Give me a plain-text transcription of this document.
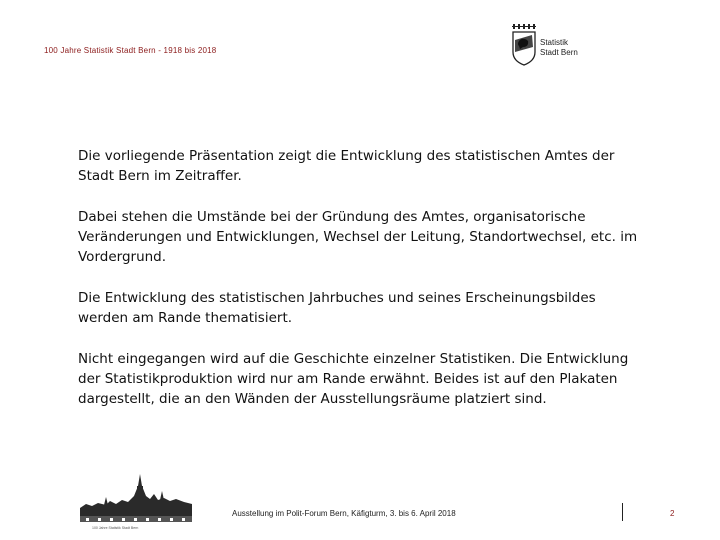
100 Jahre Statistik Stadt Bern - 1918 bis 2018
Statistik
Stadt Bern

Die vorliegende Präsentation zeigt die Entwicklung des statistischen Amtes der Stadt Bern im Zeitraffer.

Dabei stehen die Umstände bei der Gründung des Amtes, organisatorische Veränderungen und Entwicklungen, Wechsel der Leitung, Standortwechsel, etc. im Vordergrund.

Die Entwicklung des statistischen Jahrbuches und seines Erscheinungsbildes werden am Rande thematisiert.

Nicht eingegangen wird auf die Geschichte einzelner Statistiken. Die Entwicklung der Statistikproduktion wird nur am Rande erwähnt. Beides ist auf den Plakaten dargestellt, die an den Wänden der Ausstellungsräume platziert sind.

100 Jahre Statistik Stadt Bern
Ausstellung im Polit-Forum Bern, Käfigturm, 3. bis 6. April 2018	2
